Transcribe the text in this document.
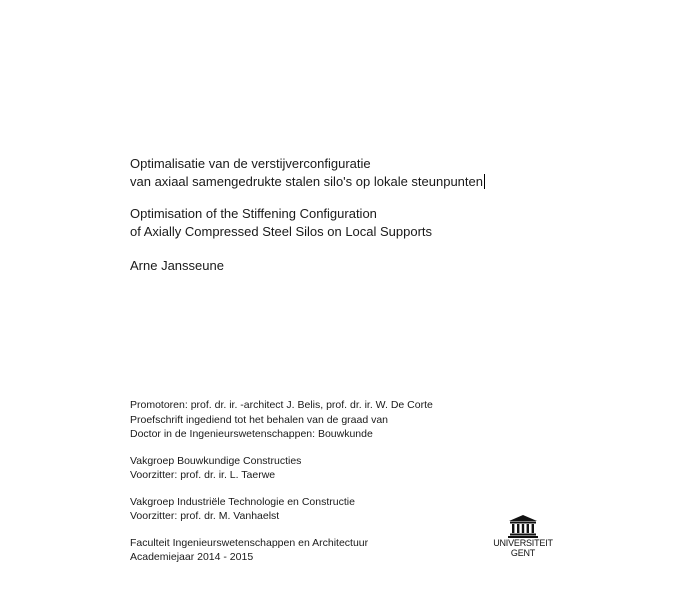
Optimalisatie van de verstijverconfiguratie
van axiaal samengedrukte stalen silo's op lokale steunpunten
Optimisation of the Stiffening Configuration
of Axially Compressed Steel Silos on Local Supports
Arne Jansseune
Promotoren: prof. dr. ir. -architect J. Belis, prof. dr. ir. W. De Corte
Proefschrift ingediend tot het behalen van de graad van
Doctor in de Ingenieurswetenschappen: Bouwkunde
Vakgroep Bouwkundige Constructies
Voorzitter: prof. dr. ir. L. Taerwe
Vakgroep Industriële Technologie en Constructie
Voorzitter: prof. dr. M. Vanhaelst
Faculteit Ingenieurswetenschappen en Architectuur
Academiejaar 2014 - 2015
UNIVERSITEIT
GENT
